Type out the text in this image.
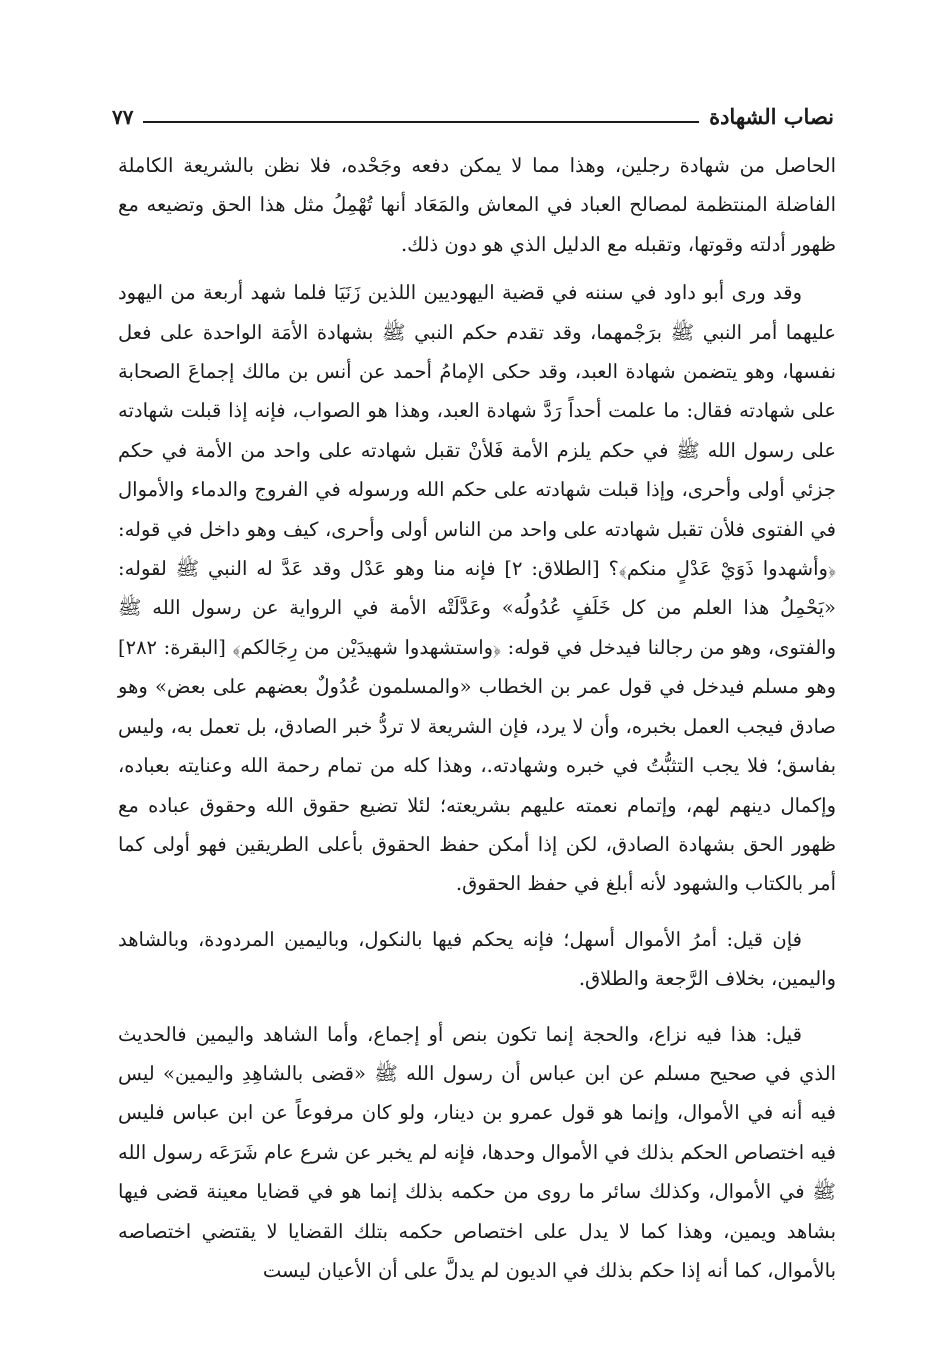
نصاب الشهادة
٧٧

الحاصل من شهادة رجلين، وهذا مما لا يمكن دفعه وجَحْده، فلا نظن بالشريعة الكاملة الفاضلة المنتظمة لمصالح العباد في المعاش والمَعَاد أنها تُهْمِلُ مثل هذا الحق وتضيعه مع ظهور أدلته وقوتها، وتقبله مع الدليل الذي هو دون ذلك.

وقد ورى أبو داود في سننه في قضية اليهوديين اللذين زَنَيَا فلما شهد أربعة من اليهود عليهما أمر النبي ﷺ برَجْمهما، وقد تقدم حكم النبي ﷺ بشهادة الأمَة الواحدة على فعل نفسها، وهو يتضمن شهادة العبد، وقد حكى الإمامُ أحمد عن أنس بن مالك إجماعَ الصحابة على شهادته فقال: ما علمت أحداً رَدَّ شهادة العبد، وهذا هو الصواب، فإنه إذا قبلت شهادته على رسول الله ﷺ في حكم يلزم الأمة فَلأنْ تقبل شهادته على واحد من الأمة في حكم جزئي أولى وأحرى، وإذا قبلت شهادته على حكم الله ورسوله في الفروج والدماء والأموال في الفتوى فلأن تقبل شهادته على واحد من الناس أولى وأحرى، كيف وهو داخل في قوله: ﴿وأشهدوا ذَوَيْ عَدْلٍ منكم﴾؟ [الطلاق: ٢] فإنه منا وهو عَدْل وقد عَدَّ له النبي ﷺ لقوله: «يَحْمِلُ هذا العلم من كل خَلَفٍ عُدُولُه» وعَدَّلَتْه الأمة في الرواية عن رسول الله ﷺ والفتوى، وهو من رجالنا فيدخل في قوله: ﴿واستشهدوا شهيدَيْن من رِجَالكم﴾ [البقرة: ٢٨٢] وهو مسلم فيدخل في قول عمر بن الخطاب «والمسلمون عُدُولٌ بعضهم على بعض» وهو صادق فيجب العمل بخبره، وأن لا يرد، فإن الشريعة لا تردُّ خبر الصادق، بل تعمل به، وليس بفاسق؛ فلا يجب التثبُّتُ في خبره وشهادته.، وهذا كله من تمام رحمة الله وعنايته بعباده، وإكمال دينهم لهم، وإتمام نعمته عليهم بشريعته؛ لئلا تضيع حقوق الله وحقوق عباده مع ظهور الحق بشهادة الصادق، لكن إذا أمكن حفظ الحقوق بأعلى الطريقين فهو أولى كما أمر بالكتاب والشهود لأنه أبلغ في حفظ الحقوق.

فإن قيل: أمرُ الأموال أسهل؛ فإنه يحكم فيها بالنكول، وباليمين المردودة، وبالشاهد واليمين، بخلاف الرَّجعة والطلاق.

قيل: هذا فيه نزاع، والحجة إنما تكون بنص أو إجماع، وأما الشاهد واليمين فالحديث الذي في صحيح مسلم عن ابن عباس أن رسول الله ﷺ «قضى بالشاهِدِ واليمين» ليس فيه أنه في الأموال، وإنما هو قول عمرو بن دينار، ولو كان مرفوعاً عن ابن عباس فليس فيه اختصاص الحكم بذلك في الأموال وحدها، فإنه لم يخبر عن شرع عام شَرَعَه رسول الله ﷺ في الأموال، وكذلك سائر ما روى من حكمه بذلك إنما هو في قضايا معينة قضى فيها بشاهد ويمين، وهذا كما لا يدل على اختصاص حكمه بتلك القضايا لا يقتضي اختصاصه بالأموال، كما أنه إذا حكم بذلك في الديون لم يدلَّ على أن الأعيان ليست
